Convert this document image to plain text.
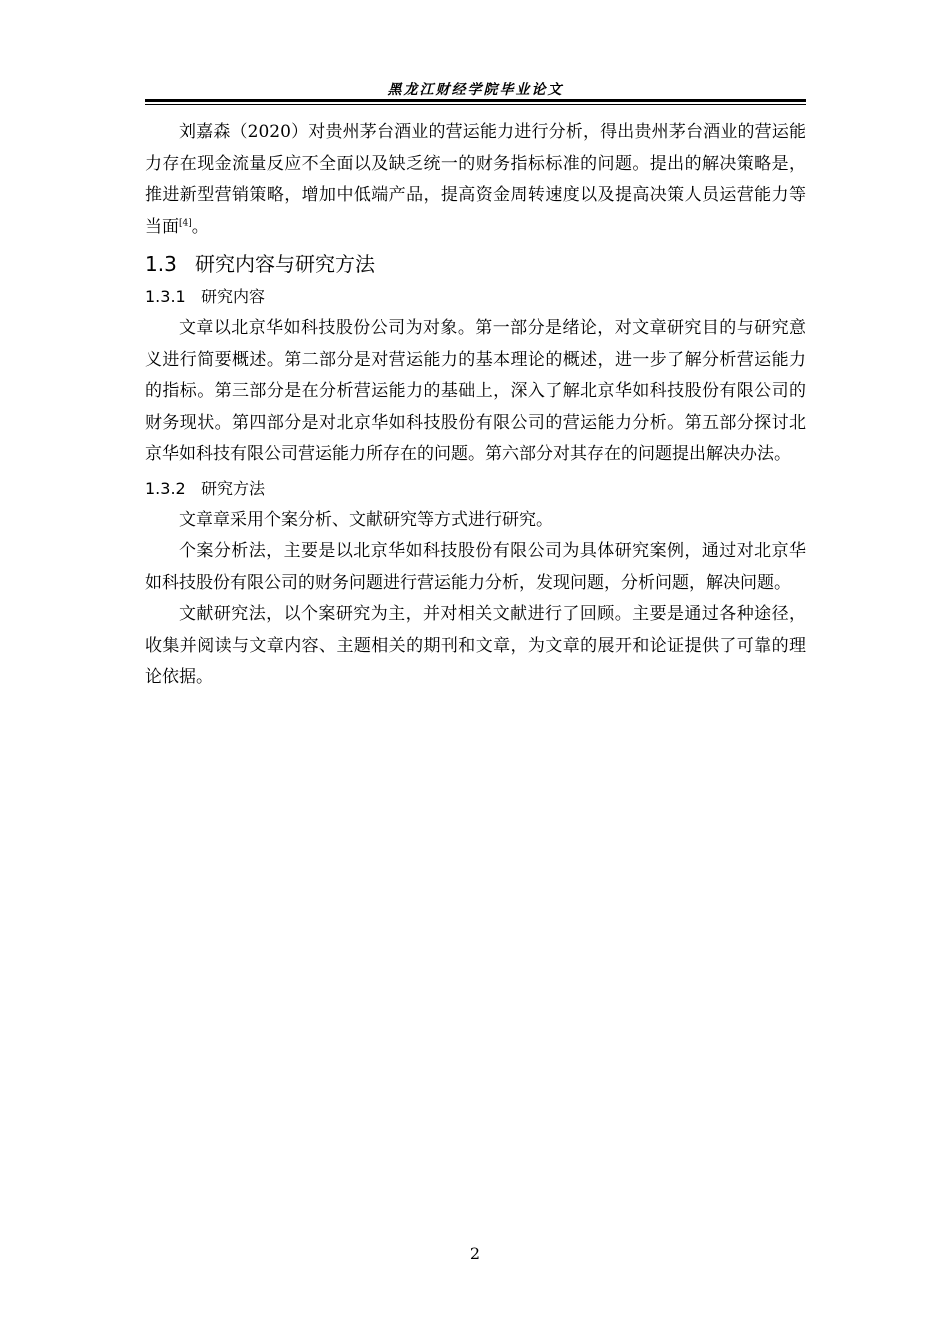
黑龙江财经学院毕业论文

刘嘉森（2020）对贵州茅台酒业的营运能力进行分析，得出贵州茅台酒业的营运能力存在现金流量反应不全面以及缺乏统一的财务指标标准的问题。提出的解决策略是，推进新型营销策略，增加中低端产品，提高资金周转速度以及提高决策人员运营能力等当面[4]。

1.3 研究内容与研究方法
1.3.1 研究内容

文章以北京华如科技股份公司为对象。第一部分是绪论，对文章研究目的与研究意义进行简要概述。第二部分是对营运能力的基本理论的概述，进一步了解分析营运能力的指标。第三部分是在分析营运能力的基础上，深入了解北京华如科技股份有限公司的财务现状。第四部分是对北京华如科技股份有限公司的营运能力分析。第五部分探讨北京华如科技有限公司营运能力所存在的问题。第六部分对其存在的问题提出解决办法。

1.3.2 研究方法

文章章采用个案分析、文献研究等方式进行研究。

个案分析法，主要是以北京华如科技股份有限公司为具体研究案例，通过对北京华如科技股份有限公司的财务问题进行营运能力分析，发现问题，分析问题，解决问题。

文献研究法，以个案研究为主，并对相关文献进行了回顾。主要是通过各种途径，收集并阅读与文章内容、主题相关的期刊和文章，为文章的展开和论证提供了可靠的理论依据。

2
